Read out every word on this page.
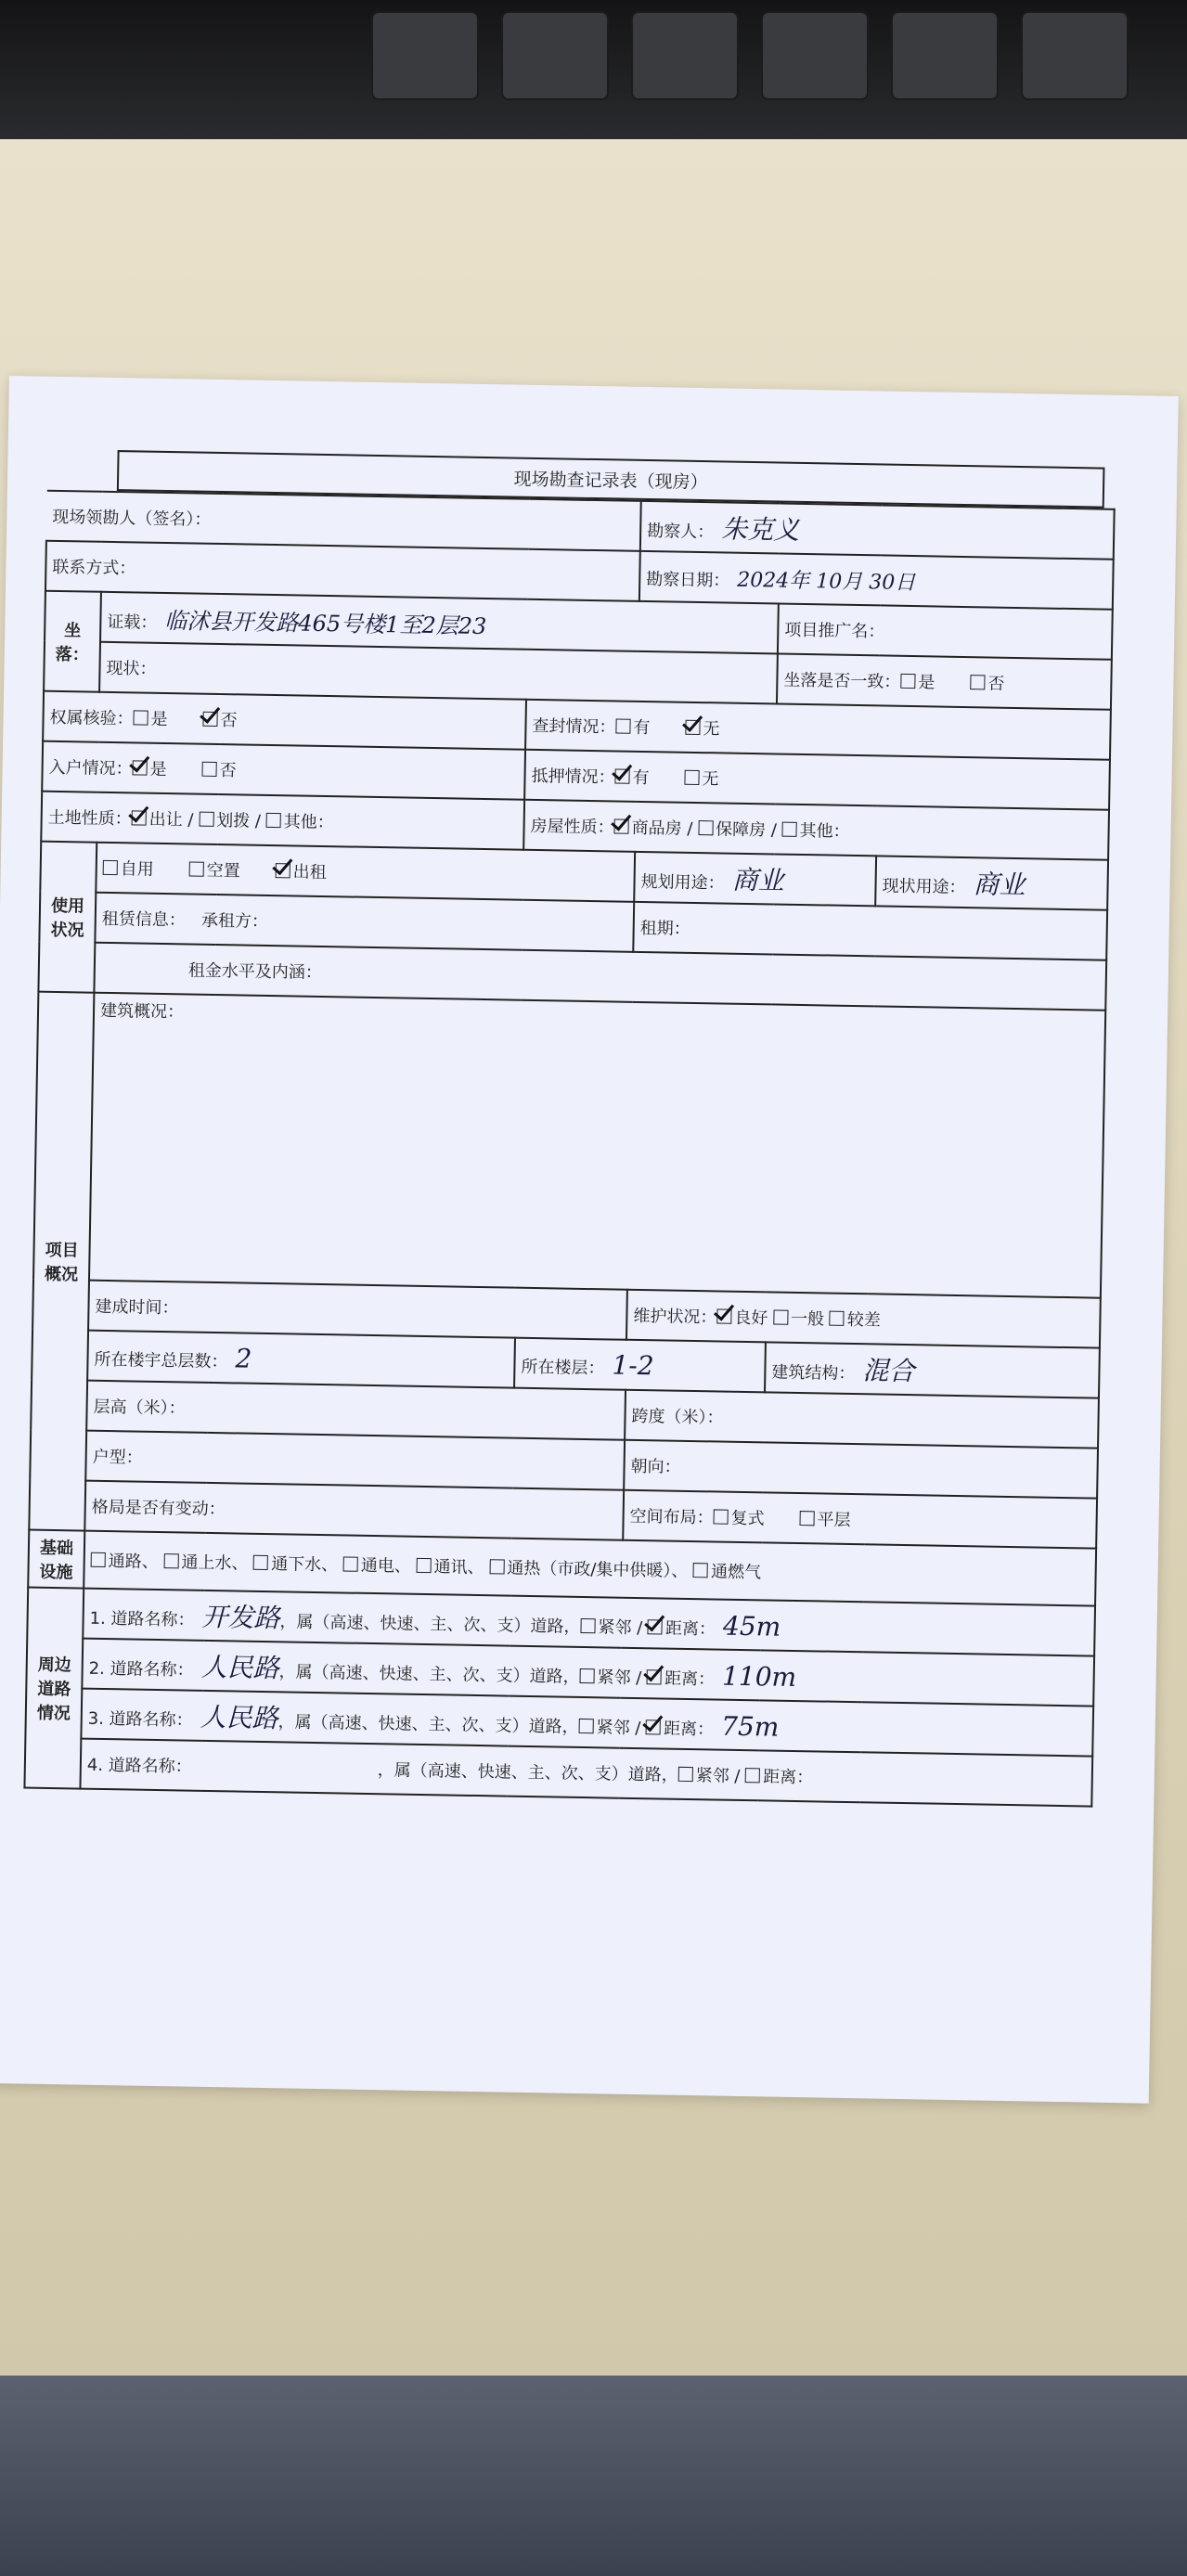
现场勘查记录表（现房）
现场领勘人（签名）：			勘察人： 朱克义		
联系方式：			勘察日期： 2024年 10月 30日		
坐落：	证载： 临沭县开发路465号楼1至2层23			项目推广名：	
	现状：			坐落是否一致： 是 否	
权属核验： 是 否		查封情况： 有 无			
入户情况： 是 否		抵押情况： 有 无			
土地性质： 出让 / 划拨 / 其他：		房屋性质： 商品房 / 保障房 / 其他：			
使用状况	自用 空置 出租		规划用途： 商业		现状用途： 商业
	租赁信息： 承租方：		租期：		
	租金水平及内涵：				
项目概况	建筑概况：				
	建成时间：		维护状况： 良好 一般 较差		
	所在楼宇总层数： 2	所在楼层： 1-2		建筑结构： 混合	
	层高（米）：		跨度（米）：		
	户型：		朝向：		
	格局是否有变动：		空间布局： 复式 平层		
基础设施	通路、 通上水、 通下水、 通电、 通讯、 通热（市政/集中供暖）、 通燃气				
周边道路情况	1. 道路名称： 开发路，属（高速、快速、主、次、支）道路， 紧邻 / 距离： 45m				
	2. 道路名称： 人民路，属（高速、快速、主、次、支）道路， 紧邻 / 距离： 110m				
	3. 道路名称： 人民路，属（高速、快速、主、次、支）道路， 紧邻 / 距离： 75m				
	4. 道路名称： ，属（高速、快速、主、次、支）道路， 紧邻 / 距离：				
